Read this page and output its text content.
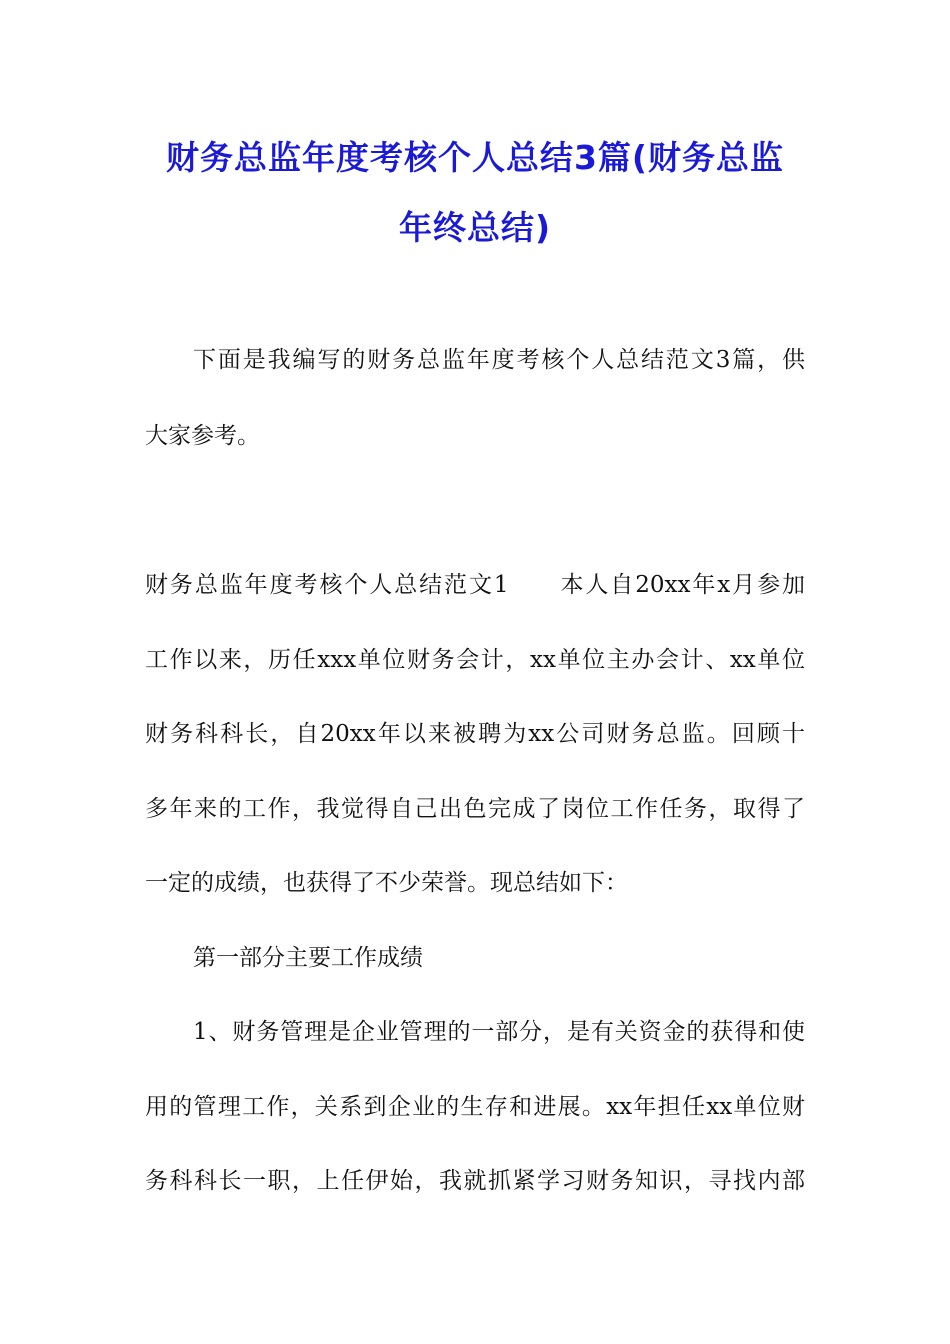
财务总监年度考核个人总结3篇(财务总监
年终总结)
下面是我编写的财务总监年度考核个人总结范文3篇，供
大家参考。
财务总监年度考核个人总结范文1 本人自20xx年x月参加
工作以来，历任xxx单位财务会计，xx单位主办会计、xx单位
财务科科长，自20xx年以来被聘为xx公司财务总监。回顾十
多年来的工作，我觉得自己出色完成了岗位工作任务，取得了
一定的成绩，也获得了不少荣誉。现总结如下：
第一部分主要工作成绩
1、财务管理是企业管理的一部分，是有关资金的获得和使
用的管理工作，关系到企业的生存和进展。xx年担任xx单位财
务科科长一职，上任伊始，我就抓紧学习财务知识，寻找内部
